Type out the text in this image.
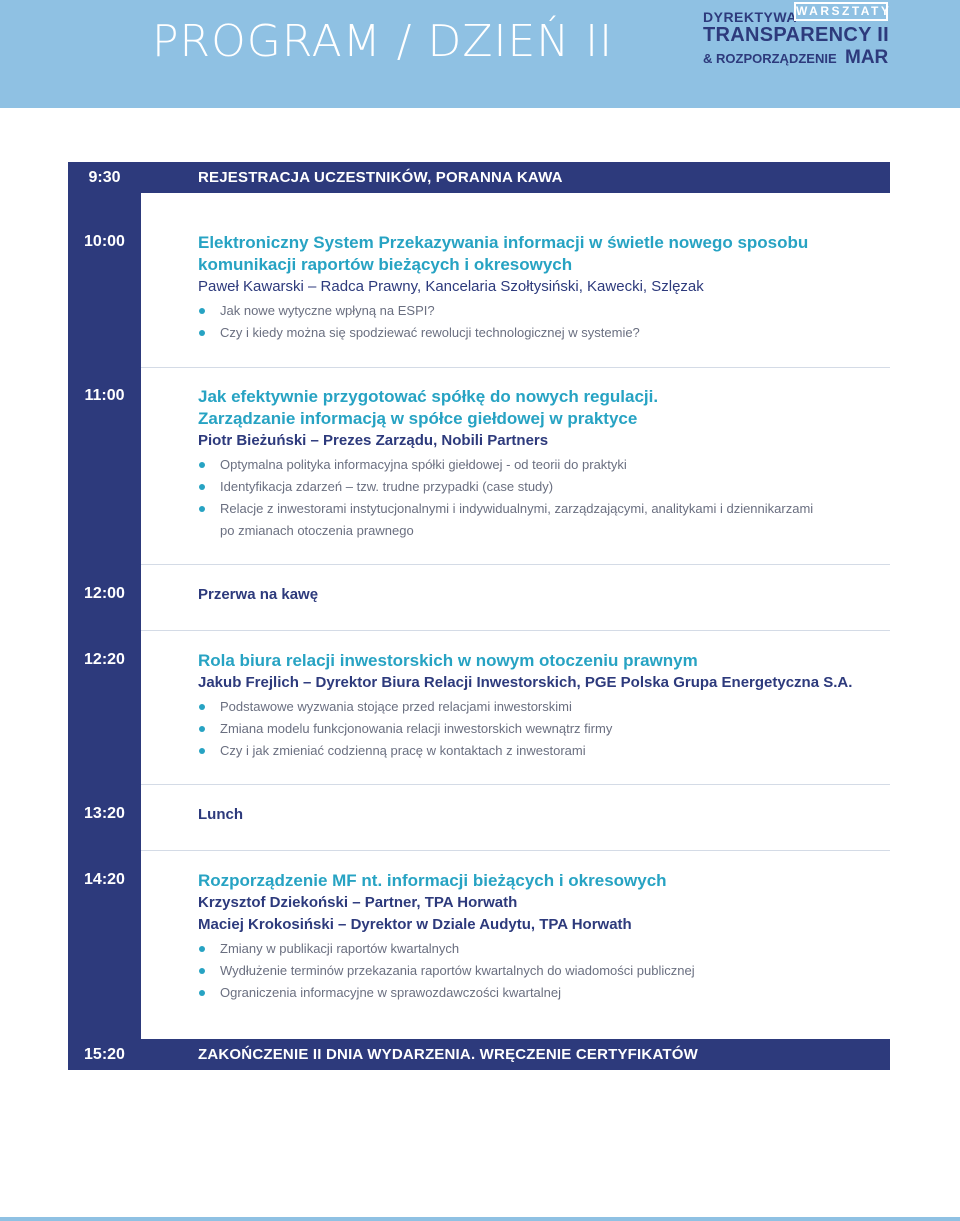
PROGRAM / DZIEŃ II	DYREKTYWA WARSZTATY
TRANSPARENCY II
& ROZPORZĄDZENIE MAR
9:30	REJESTRACJA UCZESTNIKÓW, PORANNA KAWA
10:00	Elektroniczny System Przekazywania informacji w świetle nowego sposobu
komunikacji raportów bieżących i okresowych
Paweł Kawarski – Radca Prawny, Kancelaria Szołtysiński, Kawecki, Szlęzak
Jak nowe wytyczne wpłyną na ESPI?
Czy i kiedy można się spodziewać rewolucji technologicznej w systemie?
11:00	Jak efektywnie przygotować spółkę do nowych regulacji.
Zarządzanie informacją w spółce giełdowej w praktyce
Piotr Bieżuński – Prezes Zarządu, Nobili Partners
Optymalna polityka informacyjna spółki giełdowej - od teorii do praktyki
Identyfikacja zdarzeń – tzw. trudne przypadki (case study)
Relacje z inwestorami instytucjonalnymi i indywidualnymi, zarządzającymi, analitykami i dziennikarzami
po zmianach otoczenia prawnego
12:00	Przerwa na kawę
12:20	Rola biura relacji inwestorskich w nowym otoczeniu prawnym
Jakub Frejlich – Dyrektor Biura Relacji Inwestorskich, PGE Polska Grupa Energetyczna S.A.
Podstawowe wyzwania stojące przed relacjami inwestorskimi
Zmiana modelu funkcjonowania relacji inwestorskich wewnątrz firmy
Czy i jak zmieniać codzienną pracę w kontaktach z inwestorami
13:20	Lunch
14:20	Rozporządzenie MF nt. informacji bieżących i okresowych
Krzysztof Dziekoński – Partner, TPA Horwath
Maciej Krokosiński – Dyrektor w Dziale Audytu, TPA Horwath
Zmiany w publikacji raportów kwartalnych
Wydłużenie terminów przekazania raportów kwartalnych do wiadomości publicznej
Ograniczenia informacyjne w sprawozdawczości kwartalnej
15:20	ZAKOŃCZENIE II DNIA WYDARZENIA. WRĘCZENIE CERTYFIKATÓW
